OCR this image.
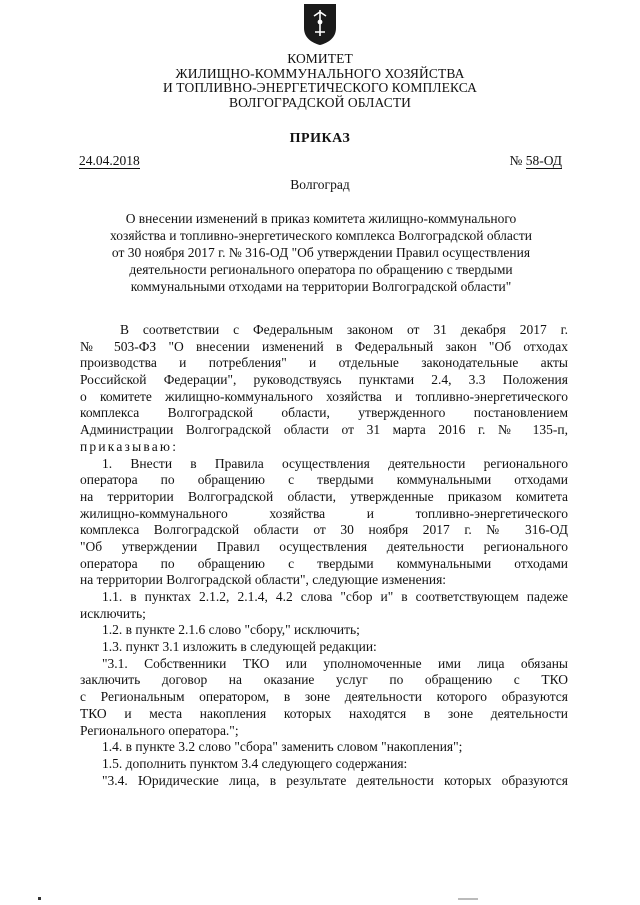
КОМИТЕТ
ЖИЛИЩНО-КОММУНАЛЬНОГО ХОЗЯЙСТВА
И ТОПЛИВНО-ЭНЕРГЕТИЧЕСКОГО КОМПЛЕКСА
ВОЛГОГРАДСКОЙ ОБЛАСТИ
ПРИКАЗ
24.04.2018	№ 58-ОД
Волгоград
О внесении изменений в приказ комитета жилищно-коммунального
хозяйства и топливно-энергетического комплекса Волгоградской области
от 30 ноября 2017 г. № 316-ОД "Об утверждении Правил осуществления
деятельности регионального оператора по обращению с твердыми
коммунальными отходами на территории Волгоградской области"
В соответствии с Федеральным законом от 31 декабря 2017 г.
№ 503-ФЗ "О внесении изменений в Федеральный закон "Об отходах
производства и потребления" и отдельные законодательные акты
Российской Федерации", руководствуясь пунктами 2.4, 3.3 Положения
о комитете жилищно-коммунального хозяйства и топливно-энергетического
комплекса Волгоградской области, утвержденного постановлением
Администрации Волгоградской области от 31 марта 2016 г. № 135-п,
приказываю:
1. Внести в Правила осуществления деятельности регионального
оператора по обращению с твердыми коммунальными отходами
на территории Волгоградской области, утвержденные приказом комитета
жилищно-коммунального хозяйства и топливно-энергетического
комплекса Волгоградской области от 30 ноября 2017 г. № 316-ОД
"Об утверждении Правил осуществления деятельности регионального
оператора по обращению с твердыми коммунальными отходами
на территории Волгоградской области", следующие изменения:
1.1. в пунктах 2.1.2, 2.1.4, 4.2 слова "сбор и" в соответствующем падеже
исключить;
1.2. в пункте 2.1.6 слово "сбору," исключить;
1.3. пункт 3.1 изложить в следующей редакции:
"3.1. Собственники ТКО или уполномоченные ими лица обязаны
заключить договор на оказание услуг по обращению с ТКО
с Региональным оператором, в зоне деятельности которого образуются
ТКО и места накопления которых находятся в зоне деятельности
Регионального оператора.";
1.4. в пункте 3.2 слово "сбора" заменить словом "накопления";
1.5. дополнить пунктом 3.4 следующего содержания:
"3.4. Юридические лица, в результате деятельности которых образуются
